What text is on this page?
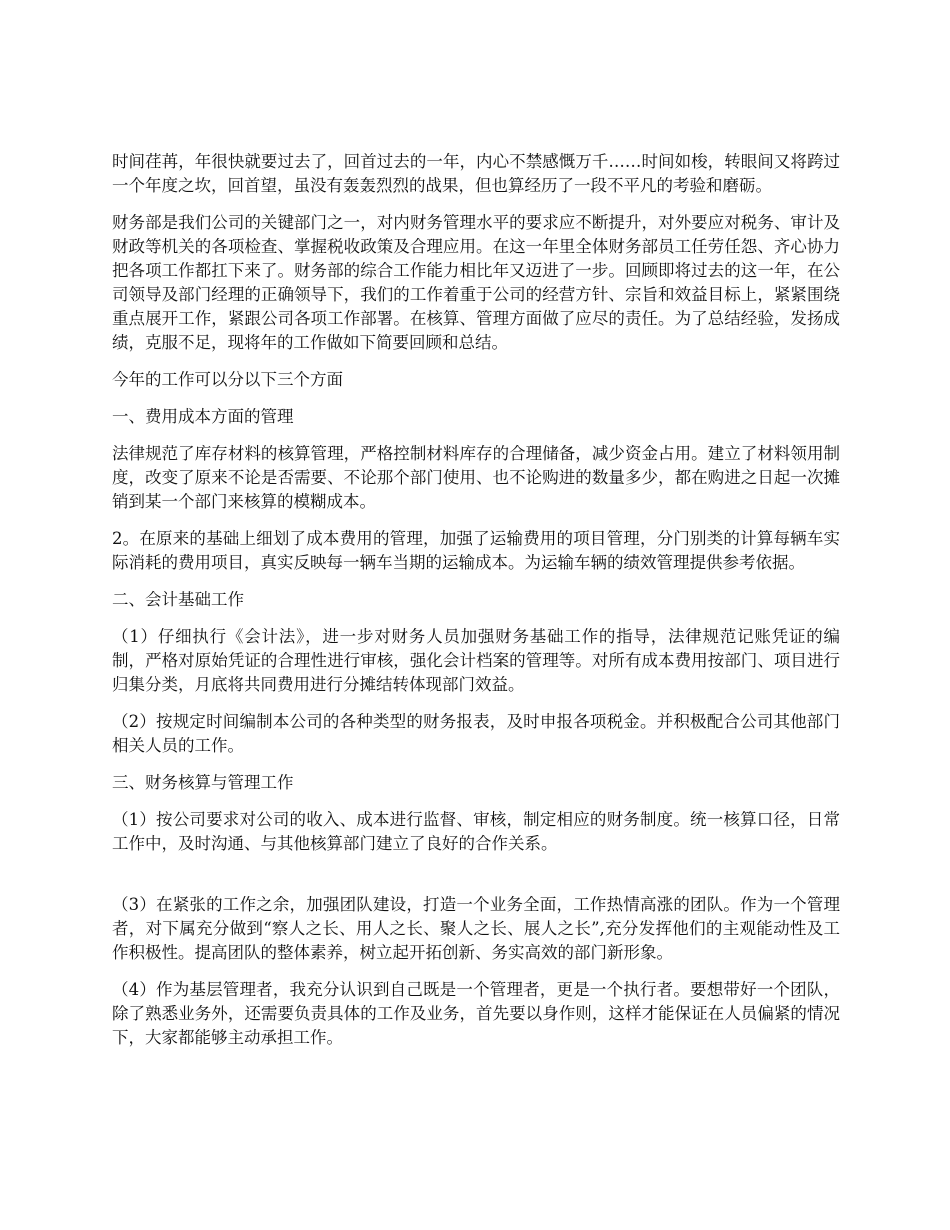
时间荏苒，年很快就要过去了，回首过去的一年，内心不禁感慨万千……时间如梭，转眼间又将跨过一个年度之坎，回首望，虽没有轰轰烈烈的战果，但也算经历了一段不平凡的考验和磨砺。

财务部是我们公司的关键部门之一，对内财务管理水平的要求应不断提升，对外要应对税务、审计及财政等机关的各项检查、掌握税收政策及合理应用。在这一年里全体财务部员工任劳任怨、齐心协力把各项工作都扛下来了。财务部的综合工作能力相比年又迈进了一步。回顾即将过去的这一年，在公司领导及部门经理的正确领导下，我们的工作着重于公司的经营方针、宗旨和效益目标上，紧紧围绕重点展开工作，紧跟公司各项工作部署。在核算、管理方面做了应尽的责任。为了总结经验，发扬成绩，克服不足，现将年的工作做如下简要回顾和总结。

今年的工作可以分以下三个方面

一、费用成本方面的管理

法律规范了库存材料的核算管理，严格控制材料库存的合理储备，减少资金占用。建立了材料领用制度，改变了原来不论是否需要、不论那个部门使用、也不论购进的数量多少，都在购进之日起一次摊销到某一个部门来核算的模糊成本。

2。在原来的基础上细划了成本费用的管理，加强了运输费用的项目管理，分门别类的计算每辆车实际消耗的费用项目，真实反映每一辆车当期的运输成本。为运输车辆的绩效管理提供参考依据。

二、会计基础工作

（1）仔细执行《会计法》，进一步对财务人员加强财务基础工作的指导，法律规范记账凭证的编制，严格对原始凭证的合理性进行审核，强化会计档案的管理等。对所有成本费用按部门、项目进行归集分类，月底将共同费用进行分摊结转体现部门效益。

（2）按规定时间编制本公司的各种类型的财务报表，及时申报各项税金。并积极配合公司其他部门相关人员的工作。

三、财务核算与管理工作

（1）按公司要求对公司的收入、成本进行监督、审核，制定相应的财务制度。统一核算口径，日常工作中，及时沟通、与其他核算部门建立了良好的合作关系。

（3）在紧张的工作之余，加强团队建设，打造一个业务全面，工作热情高涨的团队。作为一个管理者，对下属充分做到“察人之长、用人之长、聚人之长、展人之长”,充分发挥他们的主观能动性及工作积极性。提高团队的整体素养，树立起开拓创新、务实高效的部门新形象。

（4）作为基层管理者，我充分认识到自己既是一个管理者，更是一个执行者。要想带好一个团队，除了熟悉业务外，还需要负责具体的工作及业务，首先要以身作则，这样才能保证在人员偏紧的情况下，大家都能够主动承担工作。
